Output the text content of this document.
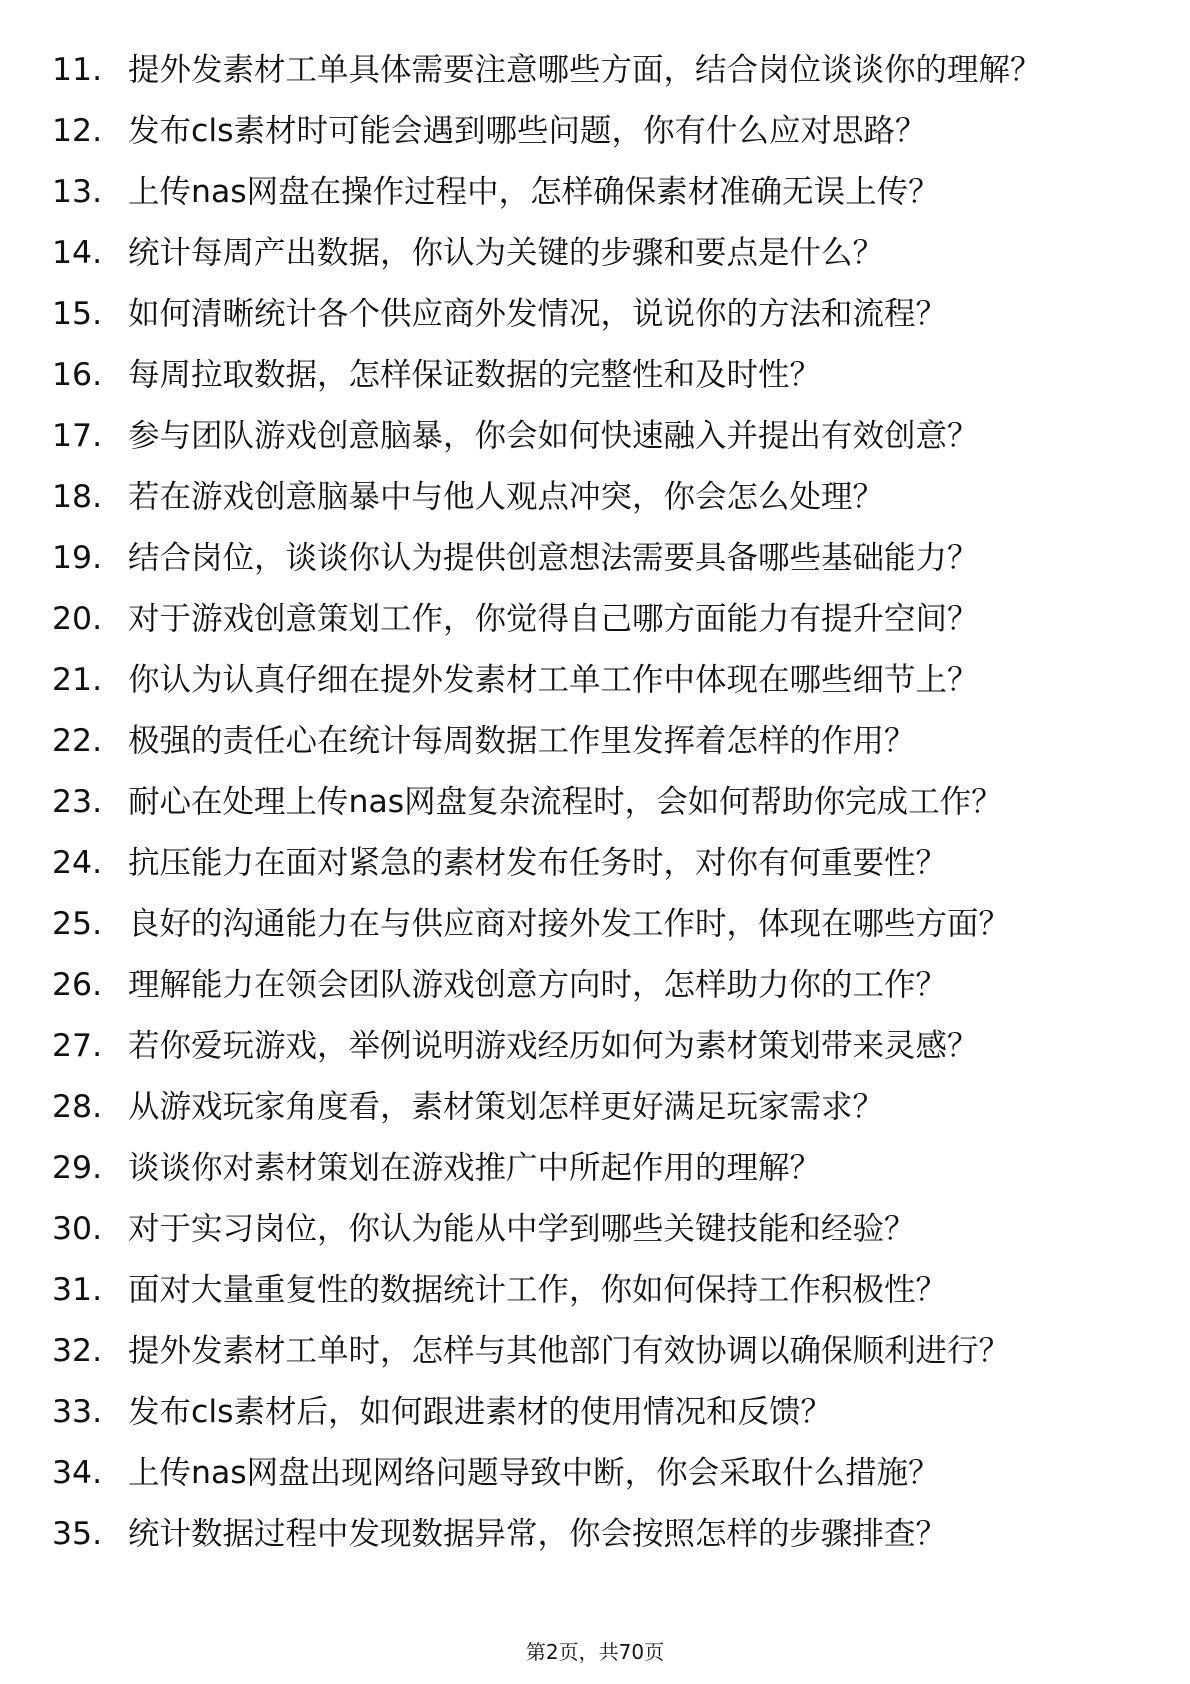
11. 提外发素材工单具体需要注意哪些方面，结合岗位谈谈你的理解？
12. 发布cls素材时可能会遇到哪些问题，你有什么应对思路？
13. 上传nas网盘在操作过程中，怎样确保素材准确无误上传？
14. 统计每周产出数据，你认为关键的步骤和要点是什么？
15. 如何清晰统计各个供应商外发情况，说说你的方法和流程？
16. 每周拉取数据，怎样保证数据的完整性和及时性？
17. 参与团队游戏创意脑暴，你会如何快速融入并提出有效创意？
18. 若在游戏创意脑暴中与他人观点冲突，你会怎么处理？
19. 结合岗位，谈谈你认为提供创意想法需要具备哪些基础能力？
20. 对于游戏创意策划工作，你觉得自己哪方面能力有提升空间？
21. 你认为认真仔细在提外发素材工单工作中体现在哪些细节上？
22. 极强的责任心在统计每周数据工作里发挥着怎样的作用？
23. 耐心在处理上传nas网盘复杂流程时，会如何帮助你完成工作？
24. 抗压能力在面对紧急的素材发布任务时，对你有何重要性？
25. 良好的沟通能力在与供应商对接外发工作时，体现在哪些方面？
26. 理解能力在领会团队游戏创意方向时，怎样助力你的工作？
27. 若你爱玩游戏，举例说明游戏经历如何为素材策划带来灵感？
28. 从游戏玩家角度看，素材策划怎样更好满足玩家需求？
29. 谈谈你对素材策划在游戏推广中所起作用的理解？
30. 对于实习岗位，你认为能从中学到哪些关键技能和经验？
31. 面对大量重复性的数据统计工作，你如何保持工作积极性？
32. 提外发素材工单时，怎样与其他部门有效协调以确保顺利进行？
33. 发布cls素材后，如何跟进素材的使用情况和反馈？
34. 上传nas网盘出现网络问题导致中断，你会采取什么措施？
35. 统计数据过程中发现数据异常，你会按照怎样的步骤排查？
第2页，共70页
